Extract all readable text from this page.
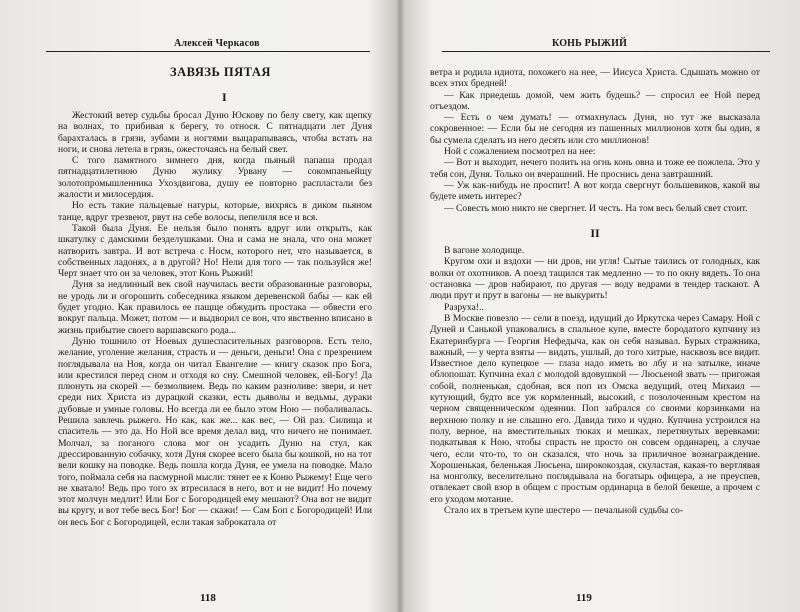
Алексей Черкасов
ЗАВЯЗЬ ПЯТАЯ
I

Жестокий ветер судьбы бросал Дуню Юскову по белу свету, как щепку на волнах, то прибивая к берегу, то относя. С пятнадцати лет Дуня барахталась в грязи, зубами и ногтями выцарапываясь, чтобы встать на ноги, и снова летела в грязь, ожесточаясь на белый свет.

С того памятного зимнего дня, когда пьяный папаша продал пятнадцатилетнюю Дуню жулику Урвану — сокомпаньейщу золотопромышленника Ухоздвигова, душу ее повторно распластали без жалости и милосердия.

Но есть такие пальцевые натуры, которые, вихрясь в диком пьяном танце, вдруг трезвеют, рвут на себе волосы, пепелиля все и вся.

Такой была Дуня. Ее нельзя было понять вдруг или открыть, как шкатулку с дамскими безделушками. Она и сама не знала, что она может натворить завтра. И вот встреча с Носм, которого нет, что называется, в собственных ладонях, а в другой? Но! Нели для того — так пользуйся же! Черт знает что он за человек, этот Конь Рыжий!

Дуня за недлинный век свой научилась вести образованные разговоры, не уродь ли и огорошить собеседника языком деревенской бабы — как ей будет угодно. Как правилось ее пащще обжудить простака — обвести его вокруг пальца. Может, потом — и выдворил се вон, что явственно вписано в жизнь прибытие своего варшавского рода...

Дуню тошнило от Ноевых душеспасительных разговоров. Есть тело, желание, уголение желания, страсть и — деньги, деньги! Она с презрением поглядывала на Ноя, когда он читал Евангелие — книгу сказок про Бога, или крестился перед сном и отходя ко сну. Смешной человек, ей-Богу! Да плюнуть на скорей — безмолвием. Ведь по каким разноливе: звери, и нет среди них Христа из дурацкой сказки, есть дьяволы и ведьмы, дураки дубовые и умные головы. Но всегда ли ее было этом Ною — побаливалась. Решила завлечь рыжего. Но как, как же... как вес, — Ой раз. Силища и спаситель — это да. Но Ной все время делал вид, что ничего не понимает. Молчал, за поганого слова мог он усадить Дуню на стул, как дрессированную собачку, хотя Дуня скорее всего была бы кошкой, но на тот вели кошку на поводке. Ведь пошла когда Дуня, ее умела на поводке. Мало того, поймала себя на пасмурной мысли: тянет ее к Коню Рыжему! Еще чего не хватало! Ведь про того эх втресилася в него, вот и не видит! Но почему этот молчун медлит! Или Бог с Богородицей ему мешают? Она вот не видит вы кругу, и вот тебе весь Бог! Бог — скажи! — Сам Боп с Богородицей! Или он весь Бог с Богородицей, если такая заброкатала от

118
КОНЬ РЫЖИЙ

ветра и родила идиота, похожего на нее, — Иисуса Христа. Сдышать можно от всех этих бредней!

— Как приедешь домой, чем жить будешь? — спросил ее Ной перед отъездом.

— Есть о чем думать! — отмахнулась Дуня, но тут же высказала сокровенное: — Если бы не сегодня из пашенных миллионов хотя бы один, я бы сумела сделать из него десять или сто миллионов!

Ной с сожалением посмотрел на нее:

— Вот и выходит, нечего полить на огнь конь овна и тоже ее пожлела. Это у тебя сон, Дуня. Только он вчерашний. Не проснись дена завтрашний.

— Уж как-нибудь не проспит! А вот когда свергнут большевиков, какой вы будете иметь интерес?

— Совесть мою никто не свергнет. И честь. На том весь белый свет стоит.

II

В вагоне холодище.

Кругом охи и вздохи — ни дров, ни угля! Сытые таились от голодных, как волки от охотников. А поезд тащился так медленно — то по окну вядеть. То она остановка — дров набирают, по другая — воду ведрами в тендер таскают. А люди прут и прут в вагоны — не выкурить!

Разруха!..

В Москве повезло — сели в поезд, идущий до Иркутска через Самару. Ной с Дуней и Санькой упаковались в спальное купе, вместе бородатого купчину из Екатеринбурга — Георгия Нефедыча, как он себя называл. Бурых стражника, важный, — у черта взяты — видать, ушлый, до того хитрые, насквозь все видит. Известное дело купецкое — глаза надо иметь во лбу и на затылке, иначе облопошат. Купчина ехал с молодой вдовушкой — Люсьеной звать — пригожая собой, полненькая, сдобная, вся поп из Омска ведущий, отец Михаил — кутующий, будто все уж кормленный, высокий, с позолоченным крестом на черном священническом одеянии. Поп забрался со своими корзинками на верхнюю полку и не слышно его. Давида тихо и чудно. Купчина устроился на полу, верное, на вместительных тюках и мешках, перетянутых веревками: подкатывая к Ною, чтобы спрасть не просто он совсем ординарец, а случае чего, если что-то, то он сказался, что ночь за приличное вознаграждение. Хорошенькая, беленькая Люсьена, ширококоздая, скуластая, какая-то вертлявая на монголку, веселительно поглядывала на богатырь офицера, а не преуспев, отвлекает свой взор в общем с простым ординарца в белой бекеше, а прочем с его уходом мотание.

Стало их в третьем купе шестеро — печальной судьбы со-

119
